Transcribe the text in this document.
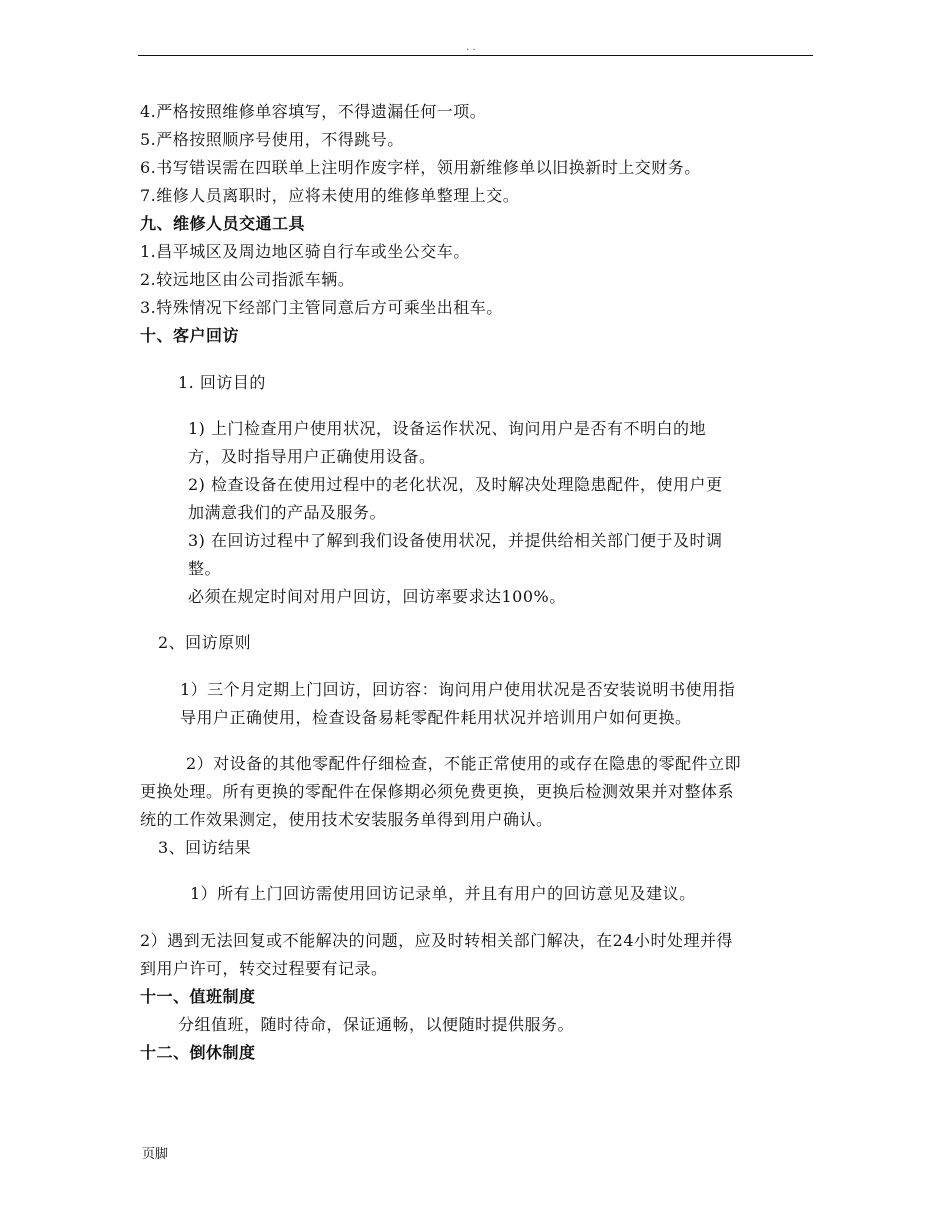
. .
4.严格按照维修单容填写，不得遗漏任何一项。
5.严格按照顺序号使用，不得跳号。
6.书写错误需在四联单上注明作废字样，领用新维修单以旧换新时上交财务。
7.维修人员离职时，应将未使用的维修单整理上交。
九、维修人员交通工具
1.昌平城区及周边地区骑自行车或坐公交车。
2.较远地区由公司指派车辆。
3.特殊情况下经部门主管同意后方可乘坐出租车。
十、客户回访
1. 回访目的
1) 上门检查用户使用状况，设备运作状况、询问用户是否有不明白的地
方，及时指导用户正确使用设备。
2) 检查设备在使用过程中的老化状况，及时解决处理隐患配件，使用户更
加满意我们的产品及服务。
3) 在回访过程中了解到我们设备使用状况，并提供给相关部门便于及时调
整。
必须在规定时间对用户回访，回访率要求达100%。
2、回访原则
1）三个月定期上门回访，回访容：询问用户使用状况是否安装说明书使用指
导用户正确使用，检查设备易耗零配件耗用状况并培训用户如何更换。
2）对设备的其他零配件仔细检查，不能正常使用的或存在隐患的零配件立即
更换处理。所有更换的零配件在保修期必须免费更换，更换后检测效果并对整体系
统的工作效果测定，使用技术安装服务单得到用户确认。
3、回访结果
1）所有上门回访需使用回访记录单，并且有用户的回访意见及建议。
2）遇到无法回复或不能解决的问题，应及时转相关部门解决，在24小时处理并得
到用户许可，转交过程要有记录。
十一、值班制度
分组值班，随时待命，保证通畅，以便随时提供服务。
十二、倒休制度
页脚
